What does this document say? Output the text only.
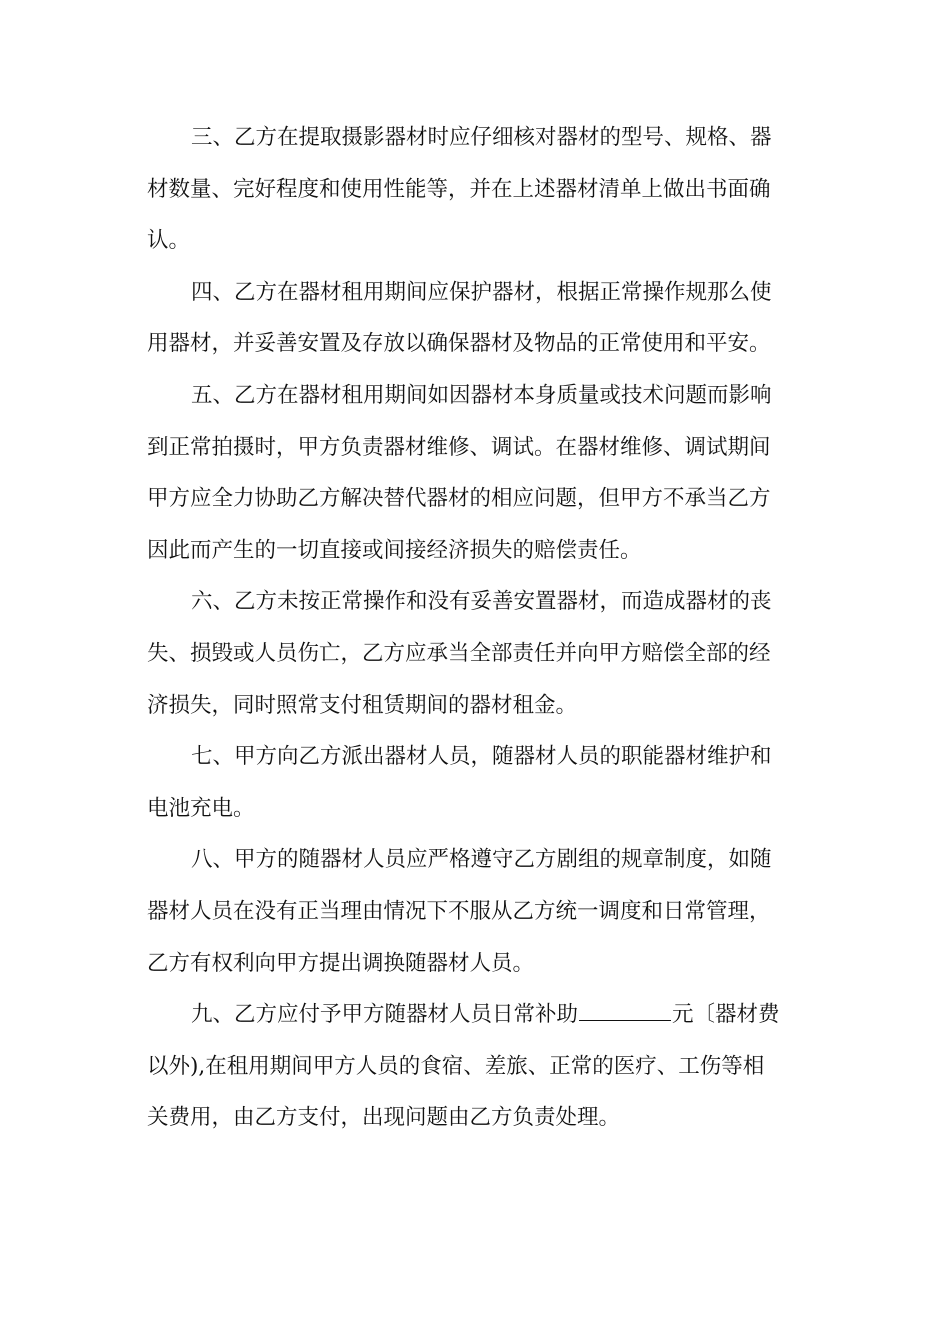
三、乙方在提取摄影器材时应仔细核对器材的型号、规格、器
材数量、完好程度和使用性能等，并在上述器材清单上做出书面确
认。

四、乙方在器材租用期间应保护器材，根据正常操作规那么使
用器材，并妥善安置及存放以确保器材及物品的正常使用和平安。

五、乙方在器材租用期间如因器材本身质量或技术问题而影响
到正常拍摄时，甲方负责器材维修、调试。在器材维修、调试期间
甲方应全力协助乙方解决替代器材的相应问题，但甲方不承当乙方
因此而产生的一切直接或间接经济损失的赔偿责任。

六、乙方未按正常操作和没有妥善安置器材，而造成器材的丧
失、损毁或人员伤亡，乙方应承当全部责任并向甲方赔偿全部的经
济损失，同时照常支付租赁期间的器材租金。

七、甲方向乙方派出器材人员，随器材人员的职能器材维护和
电池充电。

八、甲方的随器材人员应严格遵守乙方剧组的规章制度，如随
器材人员在没有正当理由情况下不服从乙方统一调度和日常管理，
乙方有权利向甲方提出调换随器材人员。

九、乙方应付予甲方随器材人员日常补助	元〔器材费
以外),在租用期间甲方人员的食宿、差旅、正常的医疗、工伤等相
关费用，由乙方支付，出现问题由乙方负责处理。
